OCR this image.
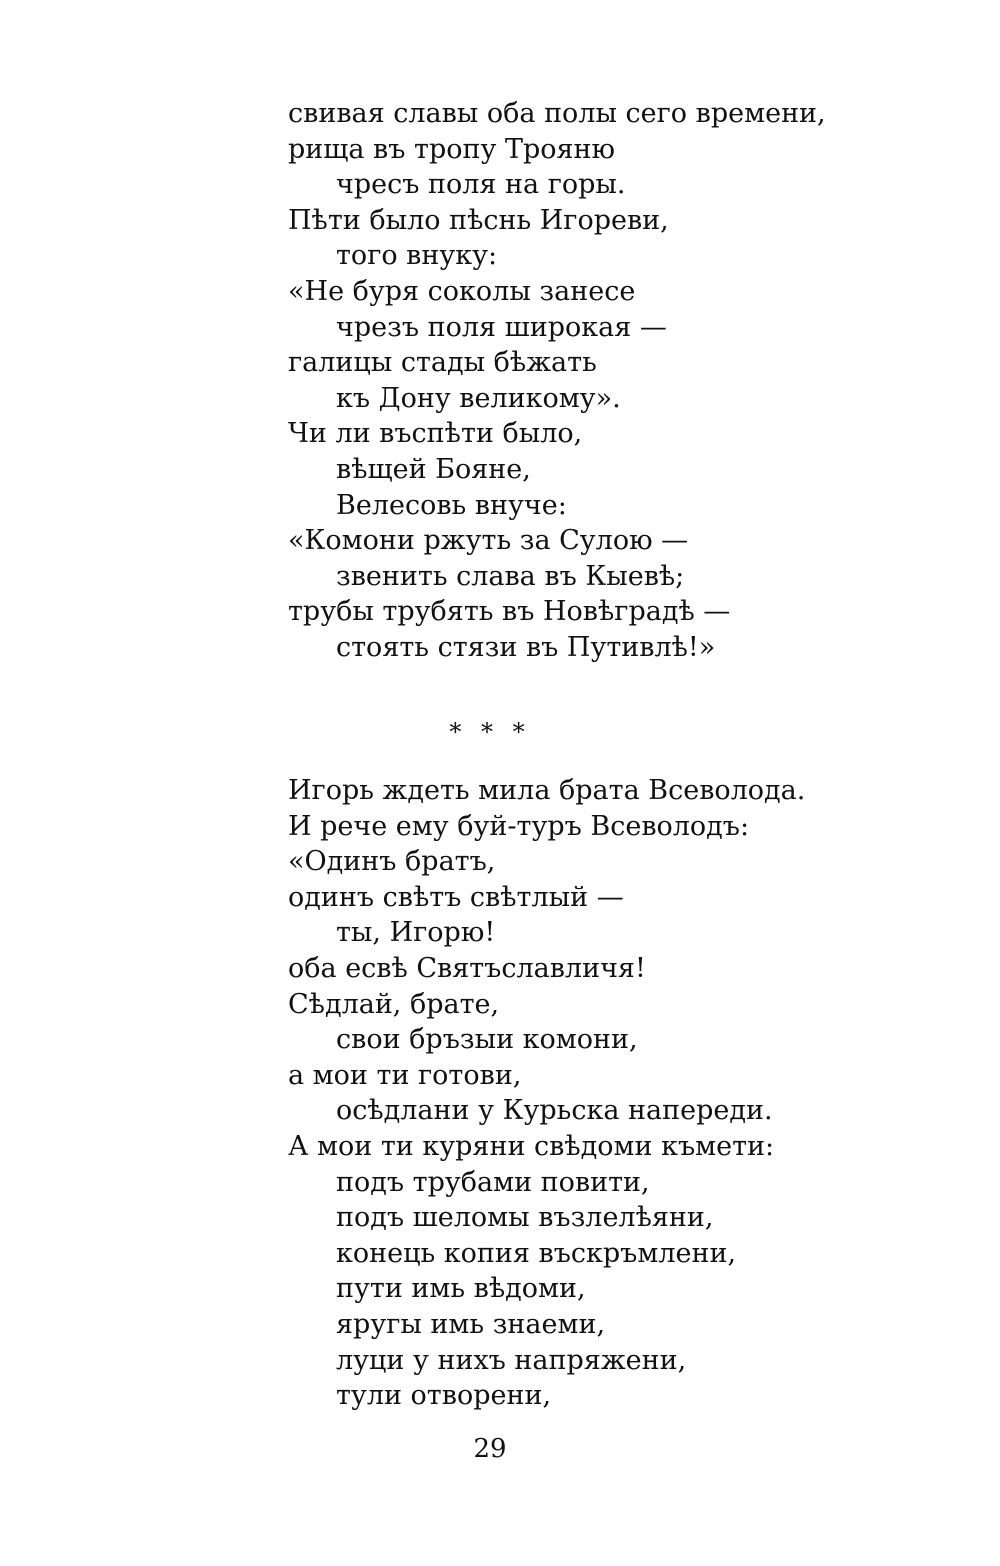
свивая славы оба полы сего времени,
рища въ тропу Трояню
чресъ поля на горы.
Пѣти было пѣснь Игореви,
того внуку:
«Не буря соколы занесе
чрезъ поля широкая —
галицы стады бѣжать
къ Дону великому».
Чи ли въспѣти было,
вѣщей Бояне,
Велесовь внуче:
«Комони ржуть за Сулою —
звенить слава въ Кыевѣ;
трубы трубять въ Новѣградѣ —
стоять стязи въ Путивлѣ!»
* * *
Игорь ждеть мила брата Всеволода.
И рече ему буй-туръ Всеволодъ:
«Одинъ братъ,
одинъ свѣтъ свѣтлый —
ты, Игорю!
оба есвѣ Святъславличя!
Сѣдлай, брате,
свои бръзыи комони,
а мои ти готови,
осѣдлани у Курьска напереди.
А мои ти куряни свѣдоми къмети:
подъ трубами повити,
подъ шеломы възлелѣяни,
конець копия въскръмлени,
пути имь вѣдоми,
яругы имь знаеми,
луци у нихъ напряжени,
тули отворени,
29
